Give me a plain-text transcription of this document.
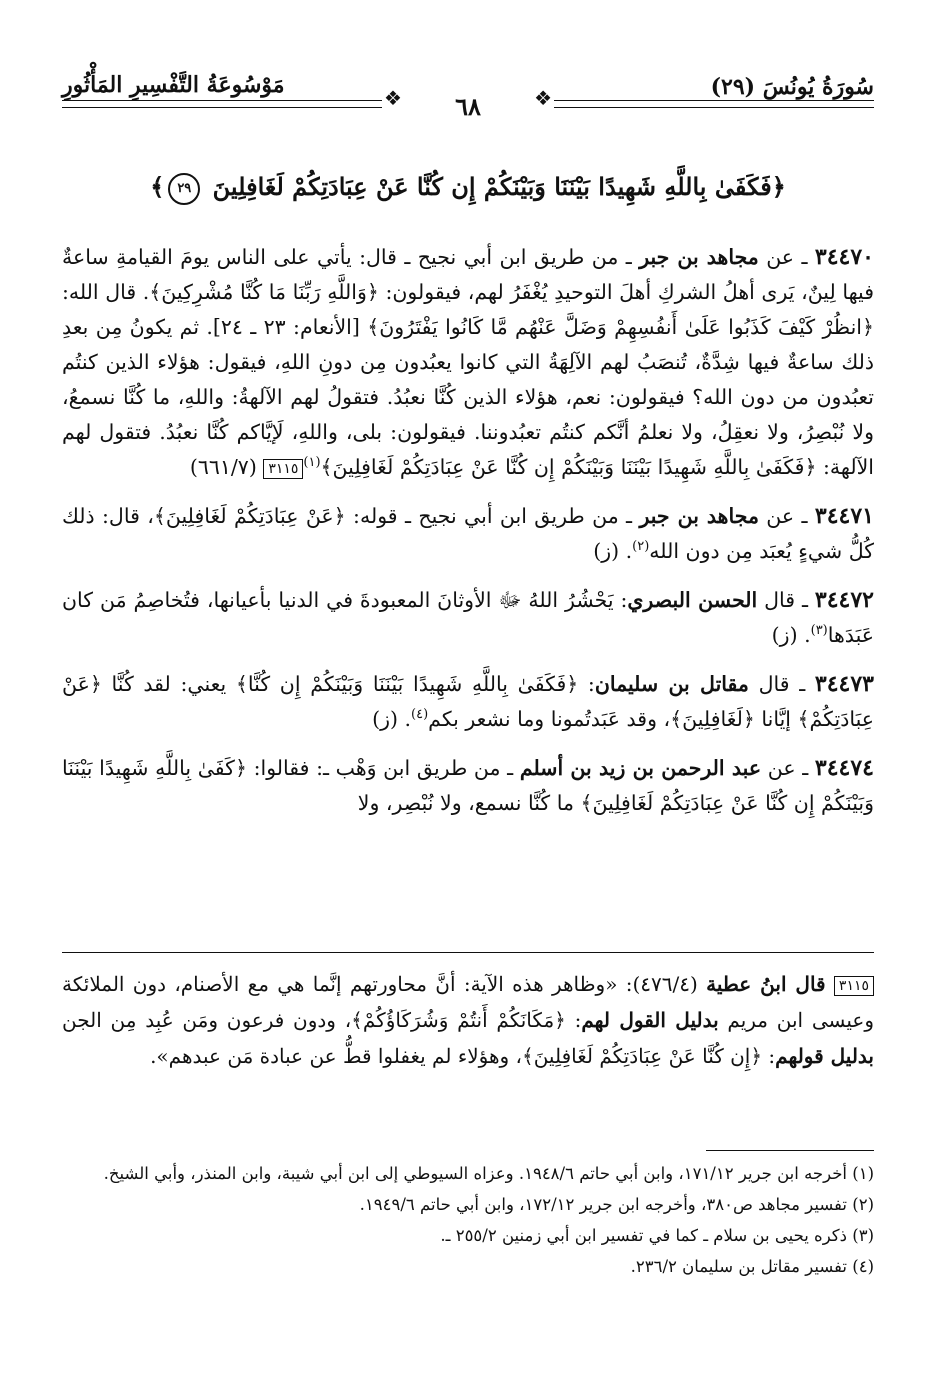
سُورَةُ يُونُسَ (٢٩)
مَوْسُوعَةُ التَّفْسِيرِ المَأْثُورِ	❖
❖	٦٨
﴿فَكَفَىٰ بِاللَّهِ شَهِيدًا بَيْنَنَا وَبَيْنَكُمْ إِن كُنَّا عَنْ عِبَادَتِكُمْ لَغَافِلِينَ ٢٩﴾

٣٤٤٧٠ ـ عن مجاهد بن جبر ـ من طريق ابن أبي نجيح ـ قال: يأتي على الناس يومَ القيامةِ ساعةٌ فيها لِينٌ، يَرى أهلُ الشركِ أهلَ التوحيدِ يُغْفَرُ لهم، فيقولون: ﴿وَاللَّهِ رَبِّنَا مَا كُنَّا مُشْرِكِينَ﴾. قال الله: ﴿انظُرْ كَيْفَ كَذَبُوا عَلَىٰ أَنفُسِهِمْ وَضَلَّ عَنْهُم مَّا كَانُوا يَفْتَرُونَ﴾ [الأنعام: ٢٣ ـ ٢٤]. ثم يكونُ مِن بعدِ ذلك ساعةٌ فيها شِدَّةٌ، تُنصَبُ لهم الآلِهَةُ التي كانوا يعبُدون مِن دونِ اللهِ، فيقول: هؤلاء الذين كنتُم تعبُدون من دون الله؟ فيقولون: نعم، هؤلاء الذين كُنَّا نعبُدُ. فتقولُ لهم الآلهةُ: واللهِ، ما كُنَّا نسمعُ، ولا نُبْصِرُ، ولا نعقِلُ، ولا نعلمُ أنَّكم كنتُم تعبُدوننا. فيقولون: بلى، واللهِ، لَإيَّاكم كُنَّا نعبُدُ. فتقول لهم الآلهة: ﴿فَكَفَىٰ بِاللَّهِ شَهِيدًا بَيْنَنَا وَبَيْنَكُمْ إِن كُنَّا عَنْ عِبَادَتِكُمْ لَغَافِلِينَ﴾$^{(١)}$٣١١٥ (٦٦١/٧)

٣٤٤٧١ ـ عن مجاهد بن جبر ـ من طريق ابن أبي نجيح ـ قوله: ﴿عَنْ عِبَادَتِكُمْ لَغَافِلِينَ﴾، قال: ذلك كُلُّ شيءٍ يُعبَد مِن دون الله$^{(٢)}$. (ز)

٣٤٤٧٢ ـ قال الحسن البصري: يَحْشُرُ اللهُ ﷻ الأوثانَ المعبودةَ في الدنيا بأعيانها، فتُخاصِمُ مَن كان عَبَدَها$^{(٣)}$. (ز)

٣٤٤٧٣ ـ قال مقاتل بن سليمان: ﴿فَكَفَىٰ بِاللَّهِ شَهِيدًا بَيْنَنَا وَبَيْنَكُمْ إِن كُنَّا﴾ يعني: لقد كُنَّا ﴿عَنْ عِبَادَتِكُمْ﴾ إيَّانا ﴿لَغَافِلِينَ﴾، وقد عَبَدتُمونا وما نشعر بكم$^{(٤)}$. (ز)

٣٤٤٧٤ ـ عن عبد الرحمن بن زيد بن أسلم ـ من طريق ابن وَهْب ـ: فقالوا: ﴿كَفَىٰ بِاللَّهِ شَهِيدًا بَيْنَنَا وَبَيْنَكُمْ إِن كُنَّا عَنْ عِبَادَتِكُمْ لَغَافِلِينَ﴾ ما كُنَّا نسمع، ولا نُبْصِر، ولا

٣١١٥ قال ابنُ عطية (٤٧٦/٤): «وظاهر هذه الآية: أنَّ محاورتهم إنَّما هي مع الأصنام، دون الملائكة وعيسى ابن مريم بدليل القول لهم: ﴿مَكَانَكُمْ أَنتُمْ وَشُرَكَاؤُكُمْ﴾، ودون فرعون ومَن عُبِد مِن الجن بدليل قولهم: ﴿إِن كُنَّا عَنْ عِبَادَتِكُمْ لَغَافِلِينَ﴾، وهؤلاء لم يغفلوا قطُّ عن عبادة مَن عبدهم».

(١) أخرجه ابن جرير ١٧١/١٢، وابن أبي حاتم ١٩٤٨/٦. وعزاه السيوطي إلى ابن أبي شيبة، وابن المنذر، وأبي الشيخ.

(٢) تفسير مجاهد ص٣٨٠، وأخرجه ابن جرير ١٧٢/١٢، وابن أبي حاتم ١٩٤٩/٦.

(٣) ذكره يحيى بن سلام ـ كما في تفسير ابن أبي زمنين ٢٥٥/٢ ـ.

(٤) تفسير مقاتل بن سليمان ٢٣٦/٢.
